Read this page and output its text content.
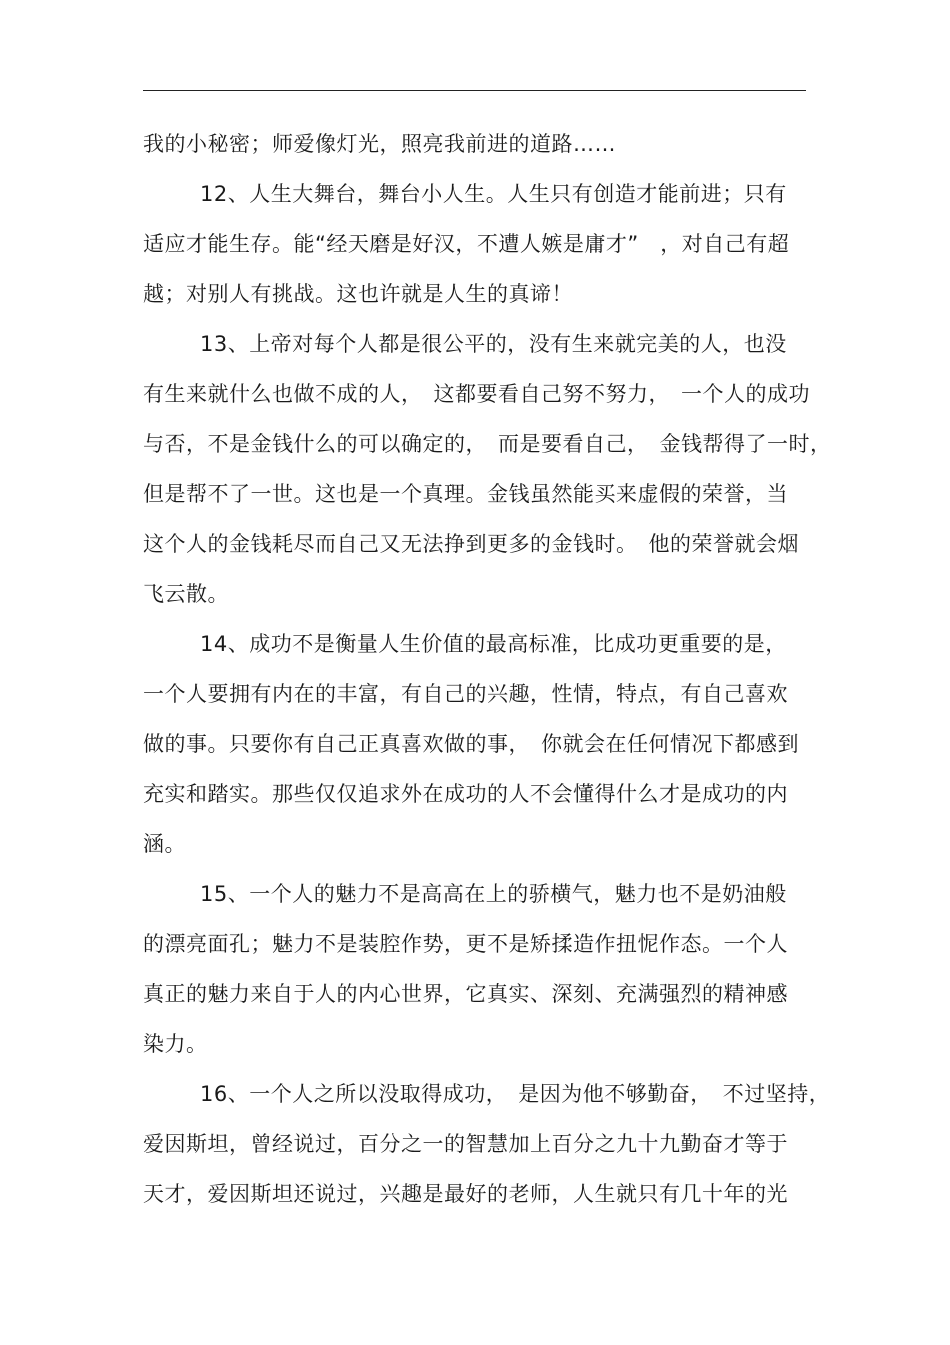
我的小秘密；师爱像灯光，照亮我前进的道路……
12、人生大舞台，舞台小人生。人生只有创造才能前进；只有
适应才能生存。能“经天磨是好汉，不遭人嫉是庸才”　，对自己有超
越；对别人有挑战。这也许就是人生的真谛！
13、上帝对每个人都是很公平的，没有生来就完美的人，也没
有生来就什么也做不成的人，　这都要看自己努不努力，　一个人的成功
与否，不是金钱什么的可以确定的，　而是要看自己，　金钱帮得了一时，
但是帮不了一世。这也是一个真理。金钱虽然能买来虚假的荣誉，当
这个人的金钱耗尽而自己又无法挣到更多的金钱时。　他的荣誉就会烟
飞云散。
14、成功不是衡量人生价值的最高标准，比成功更重要的是，
一个人要拥有内在的丰富，有自己的兴趣，性情，特点，有自己喜欢
做的事。只要你有自己正真喜欢做的事，　你就会在任何情况下都感到
充实和踏实。那些仅仅追求外在成功的人不会懂得什么才是成功的内
涵。
15、一个人的魅力不是高高在上的骄横气，魅力也不是奶油般
的漂亮面孔；魅力不是装腔作势，更不是矫揉造作扭怩作态。一个人
真正的魅力来自于人的内心世界，它真实、深刻、充满强烈的精神感
染力。
16、一个人之所以没取得成功，　是因为他不够勤奋，　不过坚持，
爱因斯坦，曾经说过，百分之一的智慧加上百分之九十九勤奋才等于
天才，爱因斯坦还说过，兴趣是最好的老师，人生就只有几十年的光
